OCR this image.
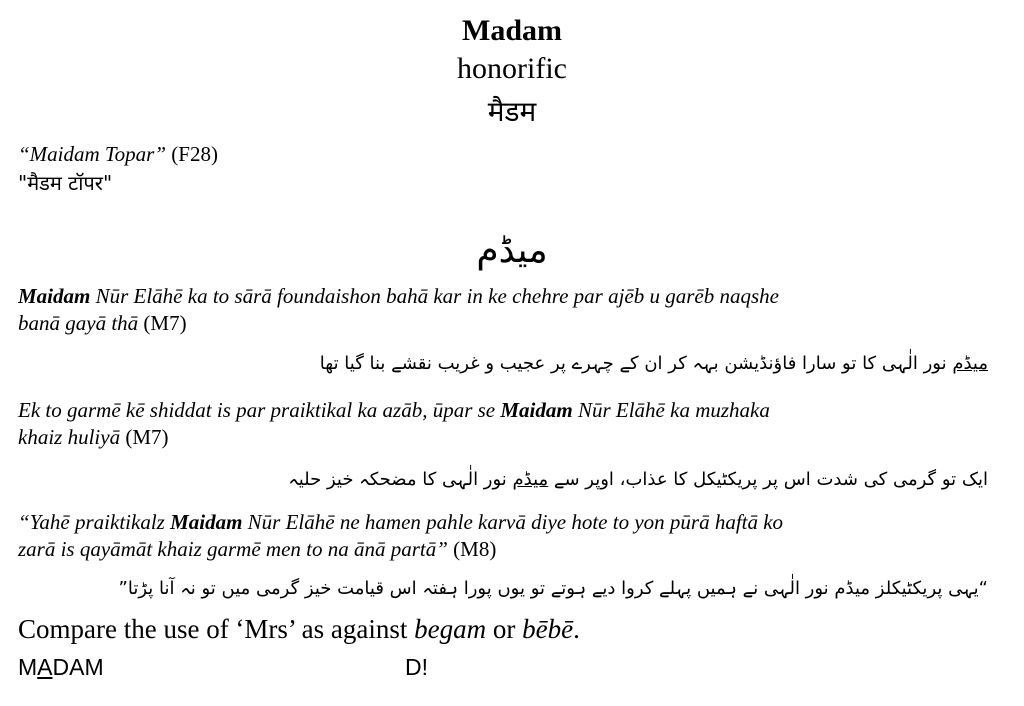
Madam
honorific
मैडम
“Maidam Topar” (F28)
"मैडम टॉपर"
میڈم
Maidam Nūr Elāhē ka to sārā foundaishon bahā kar in ke chehre par ajēb u garēb naqshe
banā gayā thā (M7)
میڈم نور الٰہی کا تو سارا فاؤنڈیشن بہہ کر ان کے چہرے پر عجیب و غریب نقشے بنا گیا تھا
Ek to garmē kē shiddat is par praiktikal ka azāb, ūpar se Maidam Nūr Elāhē ka muzhaka
khaiz huliyā (M7)
ایک تو گرمی کی شدت اس پر پریکٹیکل کا عذاب، اوپر سے میڈم نور الٰہی کا مضحکہ خیز حلیہ
“Yahē praiktikalz Maidam Nūr Elāhē ne hamen pahle karvā diye hote to yon pūrā haftā ko
zarā is qayāmāt khaiz garmē men to na ānā partā” (M8)
“یہی پریکٹیکلز میڈم نور الٰہی نے ہمیں پہلے کروا دیے ہوتے تو یوں پورا ہفتہ اس قیامت خیز گرمی میں تو نہ آنا پڑتا”
Compare the use of ‘Mrs’ as against begam or bēbē.
MADAM	D!
